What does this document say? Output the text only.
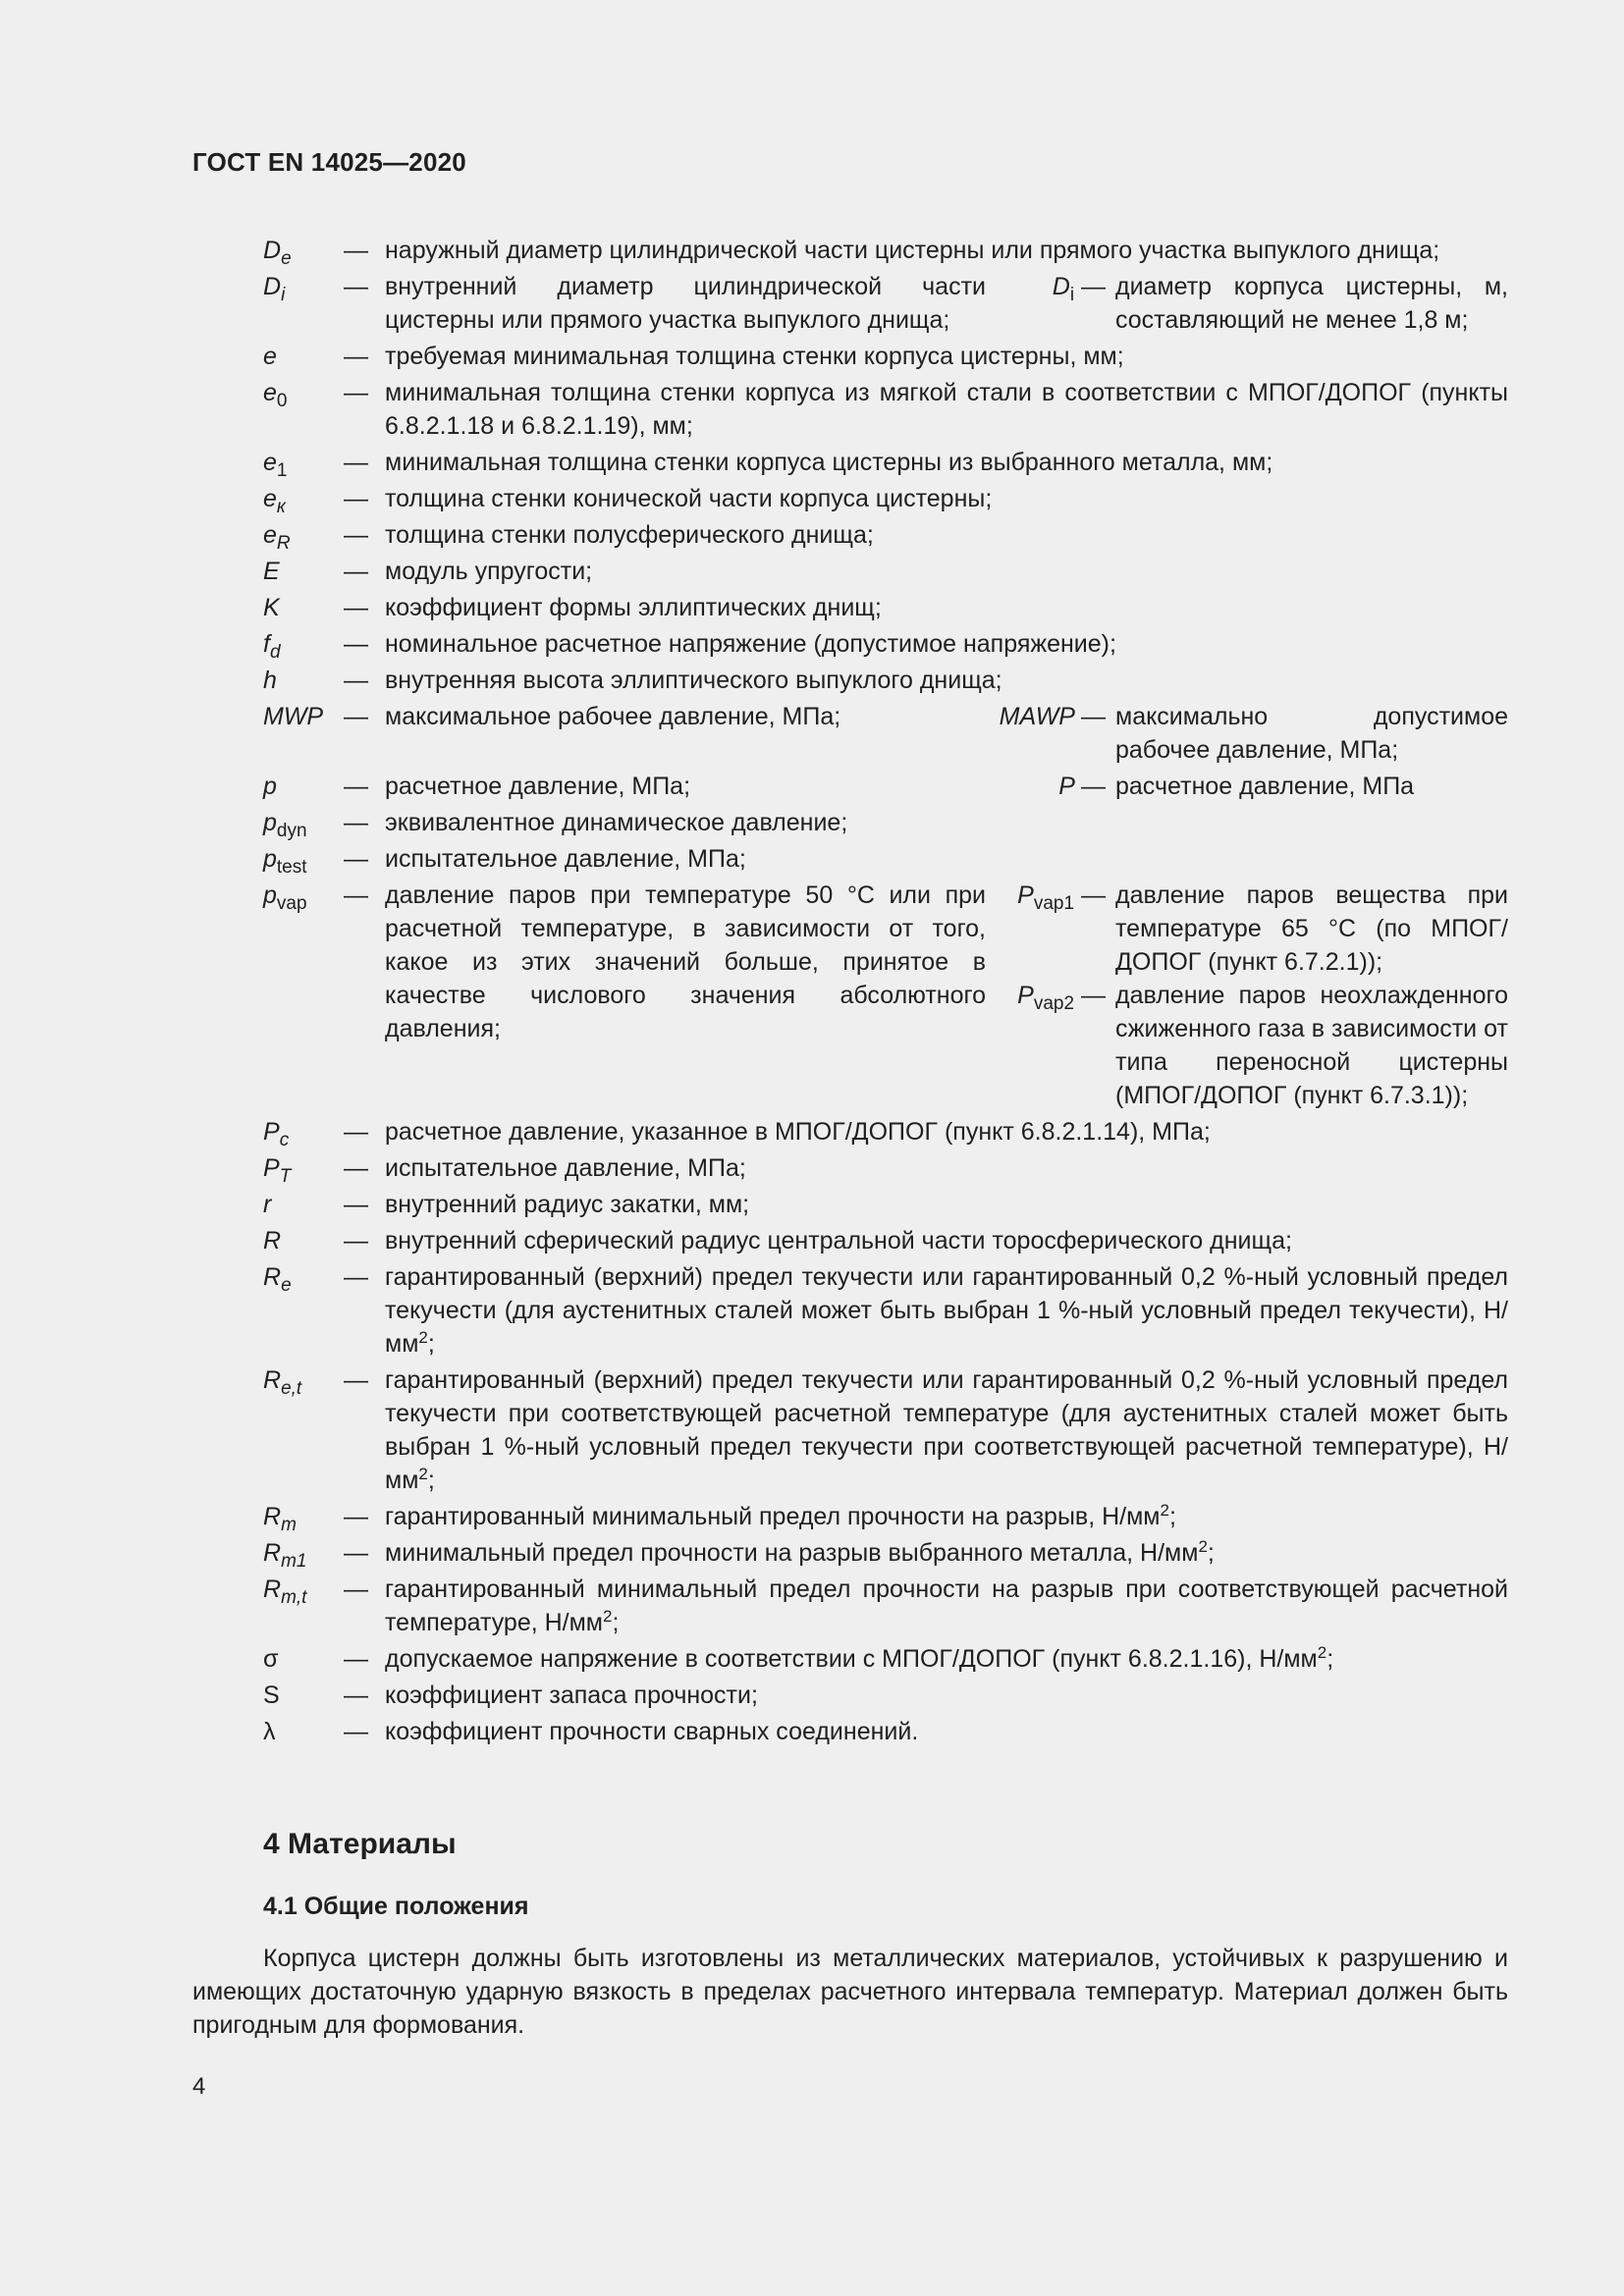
ГОСТ EN 14025—2020
$D_e$	— наружный диаметр цилиндрической части цистерны или прямого участка выпуклого днища;
$D_i$	— внутренний диаметр цилиндрической части цистерны или прямого участка выпуклого днища;
$D_i$ — диаметр корпуса цистерны, м, составляющий не менее 1,8 м;
e	— требуемая минимальная толщина стенки корпуса цистерны, мм;
$e_0$	— минимальная толщина стенки корпуса из мягкой стали в соответствии с МПОГ/ДОПОГ (пункты 6.8.2.1.18 и 6.8.2.1.19), мм;
$e_1$	— минимальная толщина стенки корпуса цистерны из выбранного металла, мм;
$e_к$	— толщина стенки конической части корпуса цистерны;
$e_R$	— толщина стенки полусферического днища;
E	— модуль упругости;
K	— коэффициент формы эллиптических днищ;
$f_d$	— номинальное расчетное напряжение (допустимое напряжение);
h	— внутренняя высота эллиптического выпуклого днища;
MWP — максимальное рабочее давление, МПа;	MAWP — максимально допустимое рабочее давление, МПа;
p	— расчетное давление, МПа;	P — расчетное давление, МПа
$p_{dyn}$	— эквивалентное динамическое давление;
$p_{test}$	— испытательное давление, МПа;
$p_{vap}$	— давление паров при температуре 50 °С или при расчетной температуре, в зависимости от того, какое из этих значений больше, принятое в качестве числового значения абсолютного давления;
$P_{vap1}$ — давление паров вещества при температуре 65 °С (по МПОГ/ДОПОГ (пункт 6.7.2.1));
$P_{vap2}$ — давление паров неохлажденного сжиженного газа в зависимости от типа переносной цистерны (МПОГ/ДОПОГ (пункт 6.7.3.1));
$P_c$	— расчетное давление, указанное в МПОГ/ДОПОГ (пункт 6.8.2.1.14), МПа;
$P_T$	— испытательное давление, МПа;
r	— внутренний радиус закатки, мм;
R	— внутренний сферический радиус центральной части торосферического днища;
$R_e$	— гарантированный (верхний) предел текучести или гарантированный 0,2 %-ный условный предел текучести (для аустенитных сталей может быть выбран 1 %-ный условный предел текучести), $Н/мм^2$;
$R_{e,t}$	— гарантированный (верхний) предел текучести или гарантированный 0,2 %-ный условный предел текучести при соответствующей расчетной температуре (для аустенитных сталей может быть выбран 1 %-ный условный предел текучести при соответствующей расчетной температуре), $Н/мм^2$;
$R_m$	— гарантированный минимальный предел прочности на разрыв, $Н/мм^2$;
$R_{m1}$	— минимальный предел прочности на разрыв выбранного металла, $Н/мм^2$;
$R_{m,t}$	— гарантированный минимальный предел прочности на разрыв при соответствующей расчетной температуре, $Н/мм^2$;
σ	— допускаемое напряжение в соответствии с МПОГ/ДОПОГ (пункт 6.8.2.1.16), $Н/мм^2$;
S	— коэффициент запаса прочности;
λ	— коэффициент прочности сварных соединений.
4 Материалы
4.1 Общие положения
Корпуса цистерн должны быть изготовлены из металлических материалов, устойчивых к разрушению и имеющих достаточную ударную вязкость в пределах расчетного интервала температур. Материал должен быть пригодным для формования.
4
